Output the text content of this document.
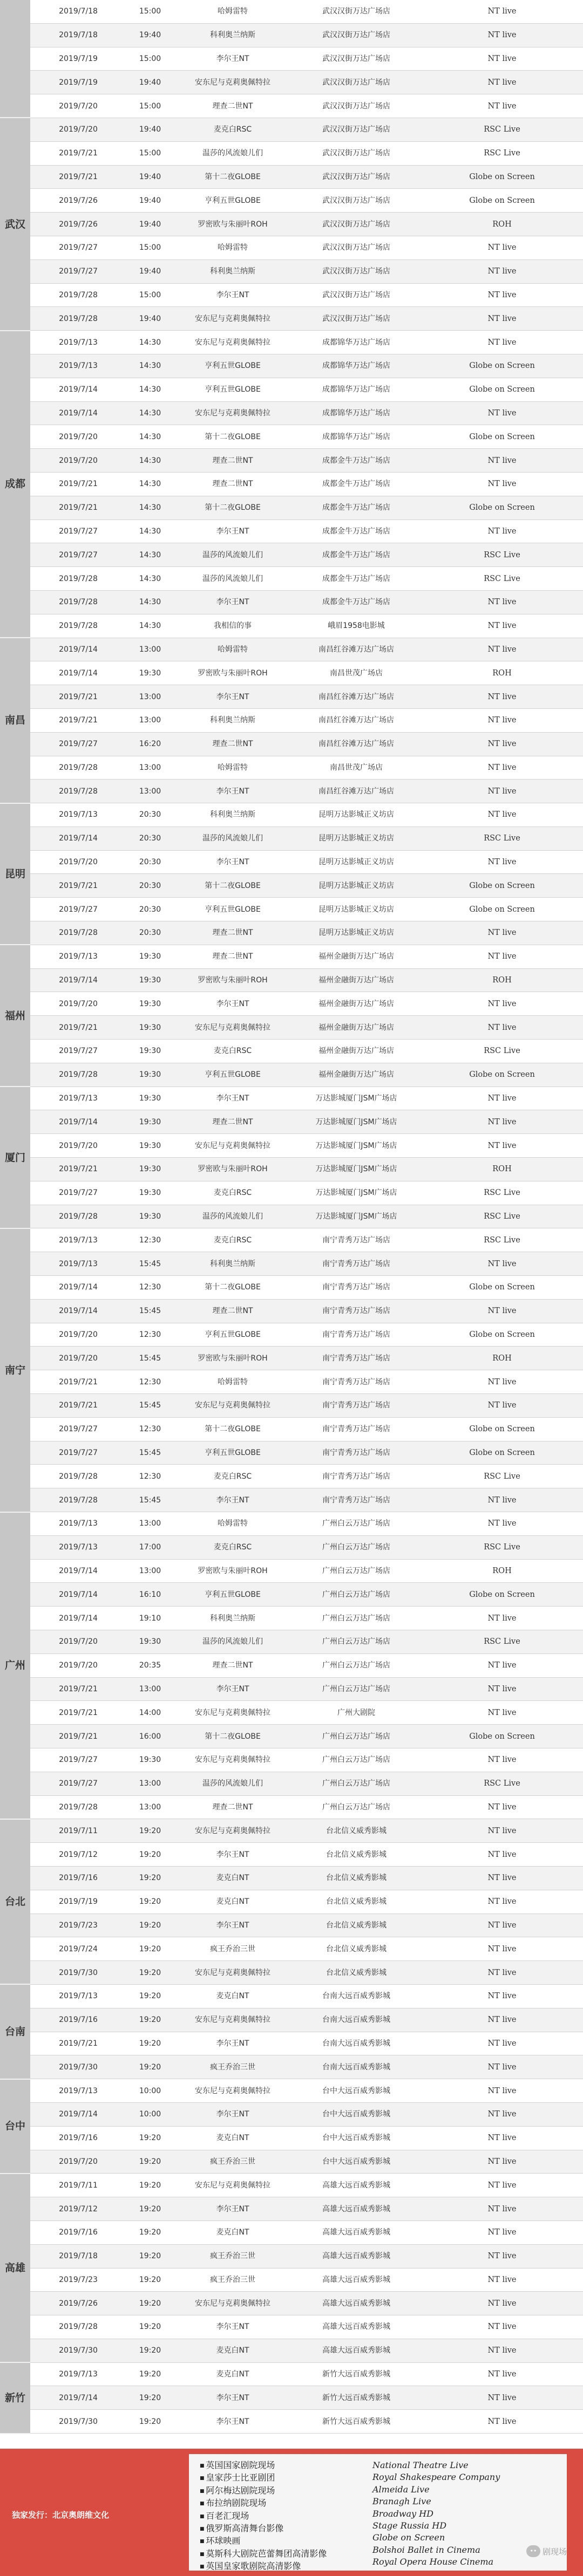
	2019/7/18	15:00	哈姆雷特	武汉汉街万达广场店	NT live
	2019/7/18	19:40	科利奥兰纳斯	武汉汉街万达广场店	NT live
	2019/7/19	15:00	李尔王NT	武汉汉街万达广场店	NT live
	2019/7/19	19:40	安东尼与克莉奥佩特拉	武汉汉街万达广场店	NT live
	2019/7/20	15:00	理查二世NT	武汉汉街万达广场店	NT live
武汉	2019/7/20	19:40	麦克白RSC	武汉汉街万达广场店	RSC Live
	2019/7/21	15:00	温莎的风流娘儿们	武汉汉街万达广场店	RSC Live
	2019/7/21	19:40	第十二夜GLOBE	武汉汉街万达广场店	Globe on Screen
	2019/7/26	19:40	亨利五世GLOBE	武汉汉街万达广场店	Globe on Screen
	2019/7/26	19:40	罗密欧与朱丽叶ROH	武汉汉街万达广场店	ROH
	2019/7/27	15:00	哈姆雷特	武汉汉街万达广场店	NT live
	2019/7/27	19:40	科利奥兰纳斯	武汉汉街万达广场店	NT live
	2019/7/28	15:00	李尔王NT	武汉汉街万达广场店	NT live
	2019/7/28	19:40	安东尼与克莉奥佩特拉	武汉汉街万达广场店	NT live
成都	2019/7/13	14:30	安东尼与克莉奥佩特拉	成都锦华万达广场店	NT live
	2019/7/13	14:30	亨利五世GLOBE	成都锦华万达广场店	Globe on Screen
	2019/7/14	14:30	亨利五世GLOBE	成都锦华万达广场店	Globe on Screen
	2019/7/14	14:30	安东尼与克莉奥佩特拉	成都锦华万达广场店	NT live
	2019/7/20	14:30	第十二夜GLOBE	成都锦华万达广场店	Globe on Screen
	2019/7/20	14:30	理查二世NT	成都金牛万达广场店	NT live
	2019/7/21	14:30	理查二世NT	成都金牛万达广场店	NT live
	2019/7/21	14:30	第十二夜GLOBE	成都金牛万达广场店	Globe on Screen
	2019/7/27	14:30	李尔王NT	成都金牛万达广场店	NT live
	2019/7/27	14:30	温莎的风流娘儿们	成都金牛万达广场店	RSC Live
	2019/7/28	14:30	温莎的风流娘儿们	成都金牛万达广场店	RSC Live
	2019/7/28	14:30	李尔王NT	成都金牛万达广场店	NT live
	2019/7/28	14:30	我相信的事	峨眉1958电影城	NT live
南昌	2019/7/14	13:00	哈姆雷特	南昌红谷滩万达广场店	NT live
	2019/7/14	19:30	罗密欧与朱丽叶ROH	南昌世茂广场店	ROH
	2019/7/21	13:00	李尔王NT	南昌红谷滩万达广场店	NT live
	2019/7/21	13:00	科利奥兰纳斯	南昌红谷滩万达广场店	NT live
	2019/7/27	16:20	理查二世NT	南昌红谷滩万达广场店	NT live
	2019/7/28	13:00	哈姆雷特	南昌世茂广场店	NT live
	2019/7/28	13:00	李尔王NT	南昌红谷滩万达广场店	NT live
昆明	2019/7/13	20:30	科利奥兰纳斯	昆明万达影城正义坊店	NT live
	2019/7/14	20:30	温莎的风流娘儿们	昆明万达影城正义坊店	RSC Live
	2019/7/20	20:30	李尔王NT	昆明万达影城正义坊店	NT live
	2019/7/21	20:30	第十二夜GLOBE	昆明万达影城正义坊店	Globe on Screen
	2019/7/27	20:30	亨利五世GLOBE	昆明万达影城正义坊店	Globe on Screen
	2019/7/28	20:30	理查二世NT	昆明万达影城正义坊店	NT live
福州	2019/7/13	19:30	理查二世NT	福州金融街万达广场店	NT live
	2019/7/14	19:30	罗密欧与朱丽叶ROH	福州金融街万达广场店	ROH
	2019/7/20	19:30	李尔王NT	福州金融街万达广场店	NT live
	2019/7/21	19:30	安东尼与克莉奥佩特拉	福州金融街万达广场店	NT live
	2019/7/27	19:30	麦克白RSC	福州金融街万达广场店	RSC Live
	2019/7/28	19:30	亨利五世GLOBE	福州金融街万达广场店	Globe on Screen
厦门	2019/7/13	19:30	李尔王NT	万达影城厦门JSM广场店	NT live
	2019/7/14	19:30	理查二世NT	万达影城厦门JSM广场店	NT live
	2019/7/20	19:30	安东尼与克莉奥佩特拉	万达影城厦门JSM广场店	NT live
	2019/7/21	19:30	罗密欧与朱丽叶ROH	万达影城厦门JSM广场店	ROH
	2019/7/27	19:30	麦克白RSC	万达影城厦门JSM广场店	RSC Live
	2019/7/28	19:30	温莎的风流娘儿们	万达影城厦门JSM广场店	RSC Live
南宁	2019/7/13	12:30	麦克白RSC	南宁青秀万达广场店	RSC Live
	2019/7/13	15:45	科利奥兰纳斯	南宁青秀万达广场店	NT live
	2019/7/14	12:30	第十二夜GLOBE	南宁青秀万达广场店	Globe on Screen
	2019/7/14	15:45	理查二世NT	南宁青秀万达广场店	NT live
	2019/7/20	12:30	亨利五世GLOBE	南宁青秀万达广场店	Globe on Screen
	2019/7/20	15:45	罗密欧与朱丽叶ROH	南宁青秀万达广场店	ROH
	2019/7/21	12:30	哈姆雷特	南宁青秀万达广场店	NT live
	2019/7/21	15:45	安东尼与克莉奥佩特拉	南宁青秀万达广场店	NT live
	2019/7/27	12:30	第十二夜GLOBE	南宁青秀万达广场店	Globe on Screen
	2019/7/27	15:45	亨利五世GLOBE	南宁青秀万达广场店	Globe on Screen
	2019/7/28	12:30	麦克白RSC	南宁青秀万达广场店	RSC Live
	2019/7/28	15:45	李尔王NT	南宁青秀万达广场店	NT live
广州	2019/7/13	13:00	哈姆雷特	广州白云万达广场店	NT live
	2019/7/13	17:00	麦克白RSC	广州白云万达广场店	RSC Live
	2019/7/14	13:00	罗密欧与朱丽叶ROH	广州白云万达广场店	ROH
	2019/7/14	16:10	亨利五世GLOBE	广州白云万达广场店	Globe on Screen
	2019/7/14	19:10	科利奥兰纳斯	广州白云万达广场店	NT live
	2019/7/20	19:30	温莎的风流娘儿们	广州白云万达广场店	RSC Live
	2019/7/20	20:35	理查二世NT	广州白云万达广场店	NT live
	2019/7/21	13:00	李尔王NT	广州白云万达广场店	NT live
	2019/7/21	14:00	安东尼与克莉奥佩特拉	广州大剧院	NT live
	2019/7/21	16:00	第十二夜GLOBE	广州白云万达广场店	Globe on Screen
	2019/7/27	19:30	安东尼与克莉奥佩特拉	广州白云万达广场店	NT live
	2019/7/27	13:00	温莎的风流娘儿们	广州白云万达广场店	RSC Live
	2019/7/28	13:00	理查二世NT	广州白云万达广场店	NT live
台北	2019/7/11	19:20	安东尼与克莉奥佩特拉	台北信义威秀影城	NT live
	2019/7/12	19:20	李尔王NT	台北信义威秀影城	NT live
	2019/7/16	19:20	麦克白NT	台北信义威秀影城	NT live
	2019/7/19	19:20	麦克白NT	台北信义威秀影城	NT live
	2019/7/23	19:20	李尔王NT	台北信义威秀影城	NT live
	2019/7/24	19:20	疯王乔治三世	台北信义威秀影城	NT live
	2019/7/30	19:20	安东尼与克莉奥佩特拉	台北信义威秀影城	NT live
台南	2019/7/13	19:20	麦克白NT	台南大远百威秀影城	NT live
	2019/7/16	19:20	安东尼与克莉奥佩特拉	台南大远百威秀影城	NT live
	2019/7/21	19:20	李尔王NT	台南大远百威秀影城	NT live
	2019/7/30	19:20	疯王乔治三世	台南大远百威秀影城	NT live
台中	2019/7/13	10:00	安东尼与克莉奥佩特拉	台中大远百威秀影城	NT live
	2019/7/14	10:00	李尔王NT	台中大远百威秀影城	NT live
	2019/7/16	19:20	麦克白NT	台中大远百威秀影城	NT live
	2019/7/20	19:20	疯王乔治三世	台中大远百威秀影城	NT live
高雄	2019/7/11	19:20	安东尼与克莉奥佩特拉	高雄大远百威秀影城	NT live
	2019/7/12	19:20	李尔王NT	高雄大远百威秀影城	NT live
	2019/7/16	19:20	麦克白NT	高雄大远百威秀影城	NT live
	2019/7/18	19:20	疯王乔治三世	高雄大远百威秀影城	NT live
	2019/7/23	19:20	疯王乔治三世	高雄大远百威秀影城	NT live
	2019/7/26	19:20	安东尼与克莉奥佩特拉	高雄大远百威秀影城	NT live
	2019/7/28	19:20	李尔王NT	高雄大远百威秀影城	NT live
	2019/7/30	19:20	麦克白NT	高雄大远百威秀影城	NT live
新竹	2019/7/13	19:20	麦克白NT	新竹大远百威秀影城	NT live
	2019/7/14	19:20	李尔王NT	新竹大远百威秀影城	NT live
	2019/7/30	19:20	李尔王NT	新竹大远百威秀影城	NT live
独家发行：北京奥朗维文化
■ 英国国家剧院现场
■ 皇家莎士比亚剧团
■ 阿尔梅达剧院现场
■ 布拉纳剧院现场
■ 百老汇现场
■ 俄罗斯高清舞台影像
■ 环球映画
■ 莫斯科大剧院芭蕾舞团高清影像
■ 英国皇家歌剧院高清影像
National Theatre Live
Royal Shakespeare Company
Almeida Live
Branagh Live
Broadway HD
Stage Russia HD
Globe on Screen
Bolshoi Ballet in Cinema
Royal Opera House Cinema
•• 剧现场
